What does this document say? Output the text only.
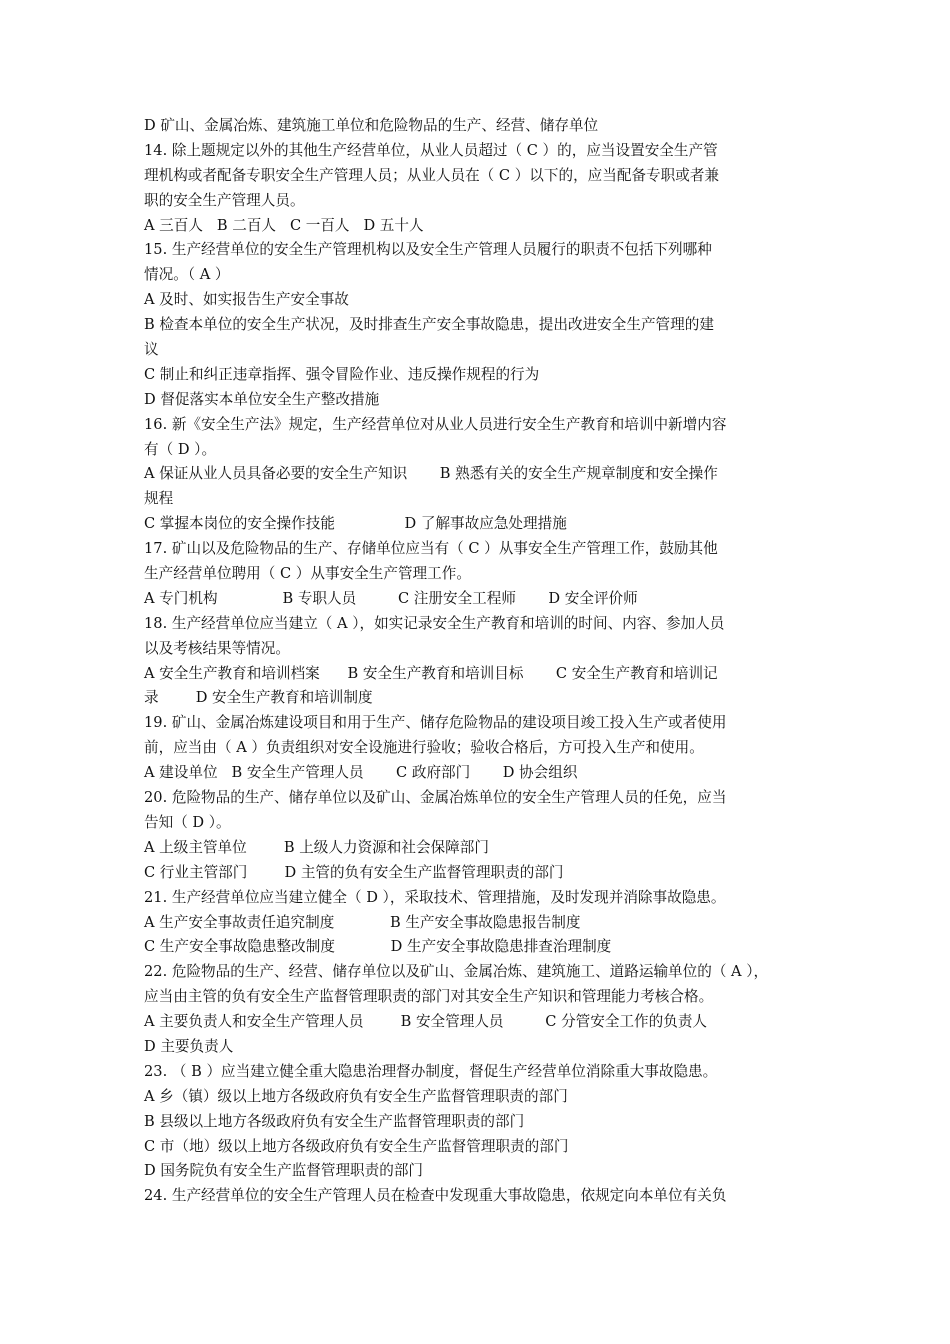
D 矿山、金属冶炼、建筑施工单位和危险物品的生产、经营、储存单位
14. 除上题规定以外的其他生产经营单位，从业人员超过（ C ）的，应当设置安全生产管
理机构或者配备专职安全生产管理人员；从业人员在（ C ）以下的，应当配备专职或者兼
职的安全生产管理人员。
A 三百人   B 二百人   C 一百人   D 五十人
15. 生产经营单位的安全生产管理机构以及安全生产管理人员履行的职责不包括下列哪种
情况。（ A ）
A 及时、如实报告生产安全事故
B 检查本单位的安全生产状况，及时排查生产安全事故隐患，提出改进安全生产管理的建
议
C 制止和纠正违章指挥、强令冒险作业、违反操作规程的行为
D 督促落实本单位安全生产整改措施
16. 新《安全生产法》规定，生产经营单位对从业人员进行安全生产教育和培训中新增内容
有（ D ）。
A 保证从业人员具备必要的安全生产知识       B 熟悉有关的安全生产规章制度和安全操作
规程
C 掌握本岗位的安全操作技能               D 了解事故应急处理措施
17. 矿山以及危险物品的生产、存储单位应当有（ C ）从事安全生产管理工作，鼓励其他
生产经营单位聘用（ C ）从事安全生产管理工作。
A 专门机构              B 专职人员         C 注册安全工程师       D 安全评价师
18. 生产经营单位应当建立（ A ），如实记录安全生产教育和培训的时间、内容、参加人员
以及考核结果等情况。
A 安全生产教育和培训档案      B 安全生产教育和培训目标       C 安全生产教育和培训记
录        D 安全生产教育和培训制度
19. 矿山、金属冶炼建设项目和用于生产、储存危险物品的建设项目竣工投入生产或者使用
前，应当由（ A ）负责组织对安全设施进行验收；验收合格后，方可投入生产和使用。
A 建设单位   B 安全生产管理人员       C 政府部门       D 协会组织
20. 危险物品的生产、储存单位以及矿山、金属冶炼单位的安全生产管理人员的任免，应当
告知（ D ）。
A 上级主管单位        B 上级人力资源和社会保障部门
C 行业主管部门        D 主管的负有安全生产监督管理职责的部门
21. 生产经营单位应当建立健全（ D ），采取技术、管理措施，及时发现并消除事故隐患。
A 生产安全事故责任追究制度            B 生产安全事故隐患报告制度
C 生产安全事故隐患整改制度            D 生产安全事故隐患排查治理制度
22. 危险物品的生产、经营、储存单位以及矿山、金属冶炼、建筑施工、道路运输单位的（ A ），
应当由主管的负有安全生产监督管理职责的部门对其安全生产知识和管理能力考核合格。
A 主要负责人和安全生产管理人员        B 安全管理人员         C 分管安全工作的负责人
D 主要负责人
23. （ B ）应当建立健全重大隐患治理督办制度，督促生产经营单位消除重大事故隐患。
A 乡（镇）级以上地方各级政府负有安全生产监督管理职责的部门
B 县级以上地方各级政府负有安全生产监督管理职责的部门
C 市（地）级以上地方各级政府负有安全生产监督管理职责的部门
D 国务院负有安全生产监督管理职责的部门
24. 生产经营单位的安全生产管理人员在检查中发现重大事故隐患，依规定向本单位有关负
